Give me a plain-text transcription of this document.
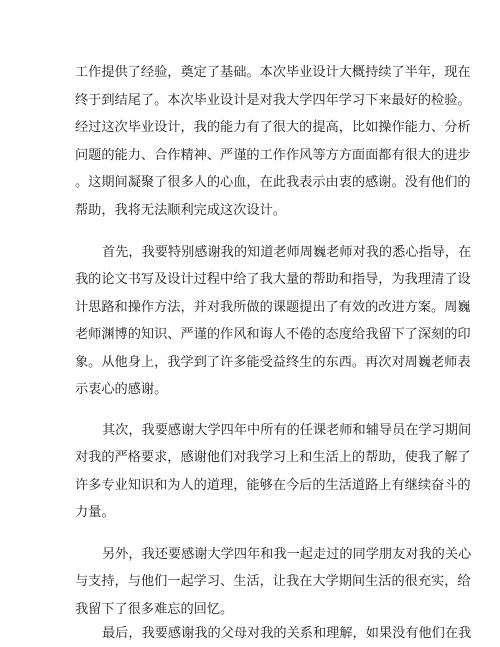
工作提供了经验，奠定了基础。本次毕业设计大概持续了半年，现在
终于到结尾了。本次毕业设计是对我大学四年学习下来最好的检验。
经过这次毕业设计，我的能力有了很大的提高，比如操作能力、分析
问题的能力、合作精神、严谨的工作作风等方方面面都有很大的进步
。这期间凝聚了很多人的心血，在此我表示由衷的感谢。没有他们的
帮助，我将无法顺利完成这次设计。
首先，我要特别感谢我的知道老师周巍老师对我的悉心指导，在
我的论文书写及设计过程中给了我大量的帮助和指导，为我理清了设
计思路和操作方法，并对我所做的课题提出了有效的改进方案。周巍
老师渊博的知识、严谨的作风和诲人不倦的态度给我留下了深刻的印
象。从他身上，我学到了许多能受益终生的东西。再次对周巍老师表
示衷心的感谢。
其次，我要感谢大学四年中所有的任课老师和辅导员在学习期间
对我的严格要求，感谢他们对我学习上和生活上的帮助，使我了解了
许多专业知识和为人的道理，能够在今后的生活道路上有继续奋斗的
力量。
另外，我还要感谢大学四年和我一起走过的同学朋友对我的关心
与支持，与他们一起学习、生活，让我在大学期间生活的很充实，给
我留下了很多难忘的回忆。
最后，我要感谢我的父母对我的关系和理解，如果没有他们在我
